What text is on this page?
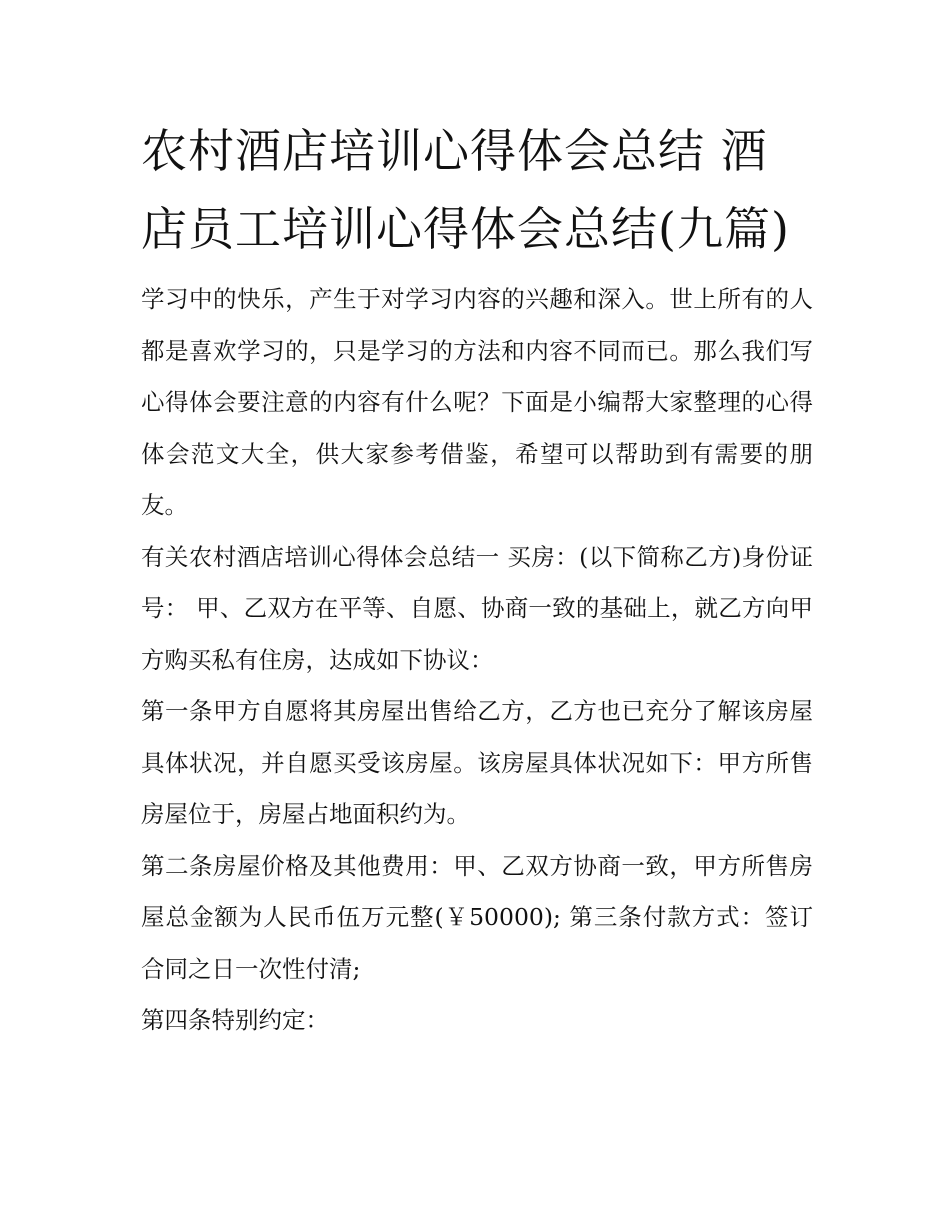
农村酒店培训心得体会总结 酒店员工培训心得体会总结(九篇)

学习中的快乐，产生于对学习内容的兴趣和深入。世上所有的人都是喜欢学习的，只是学习的方法和内容不同而已。那么我们写心得体会要注意的内容有什么呢？下面是小编帮大家整理的心得体会范文大全，供大家参考借鉴，希望可以帮助到有需要的朋友。

有关农村酒店培训心得体会总结一 买房：(以下简称乙方)身份证号： 甲、乙双方在平等、自愿、协商一致的基础上，就乙方向甲方购买私有住房，达成如下协议：

第一条甲方自愿将其房屋出售给乙方，乙方也已充分了解该房屋具体状况，并自愿买受该房屋。该房屋具体状况如下：甲方所售房屋位于，房屋占地面积约为。

第二条房屋价格及其他费用：甲、乙双方协商一致，甲方所售房屋总金额为人民币伍万元整(￥50000); 第三条付款方式：签订合同之日一次性付清;

第四条特别约定：
